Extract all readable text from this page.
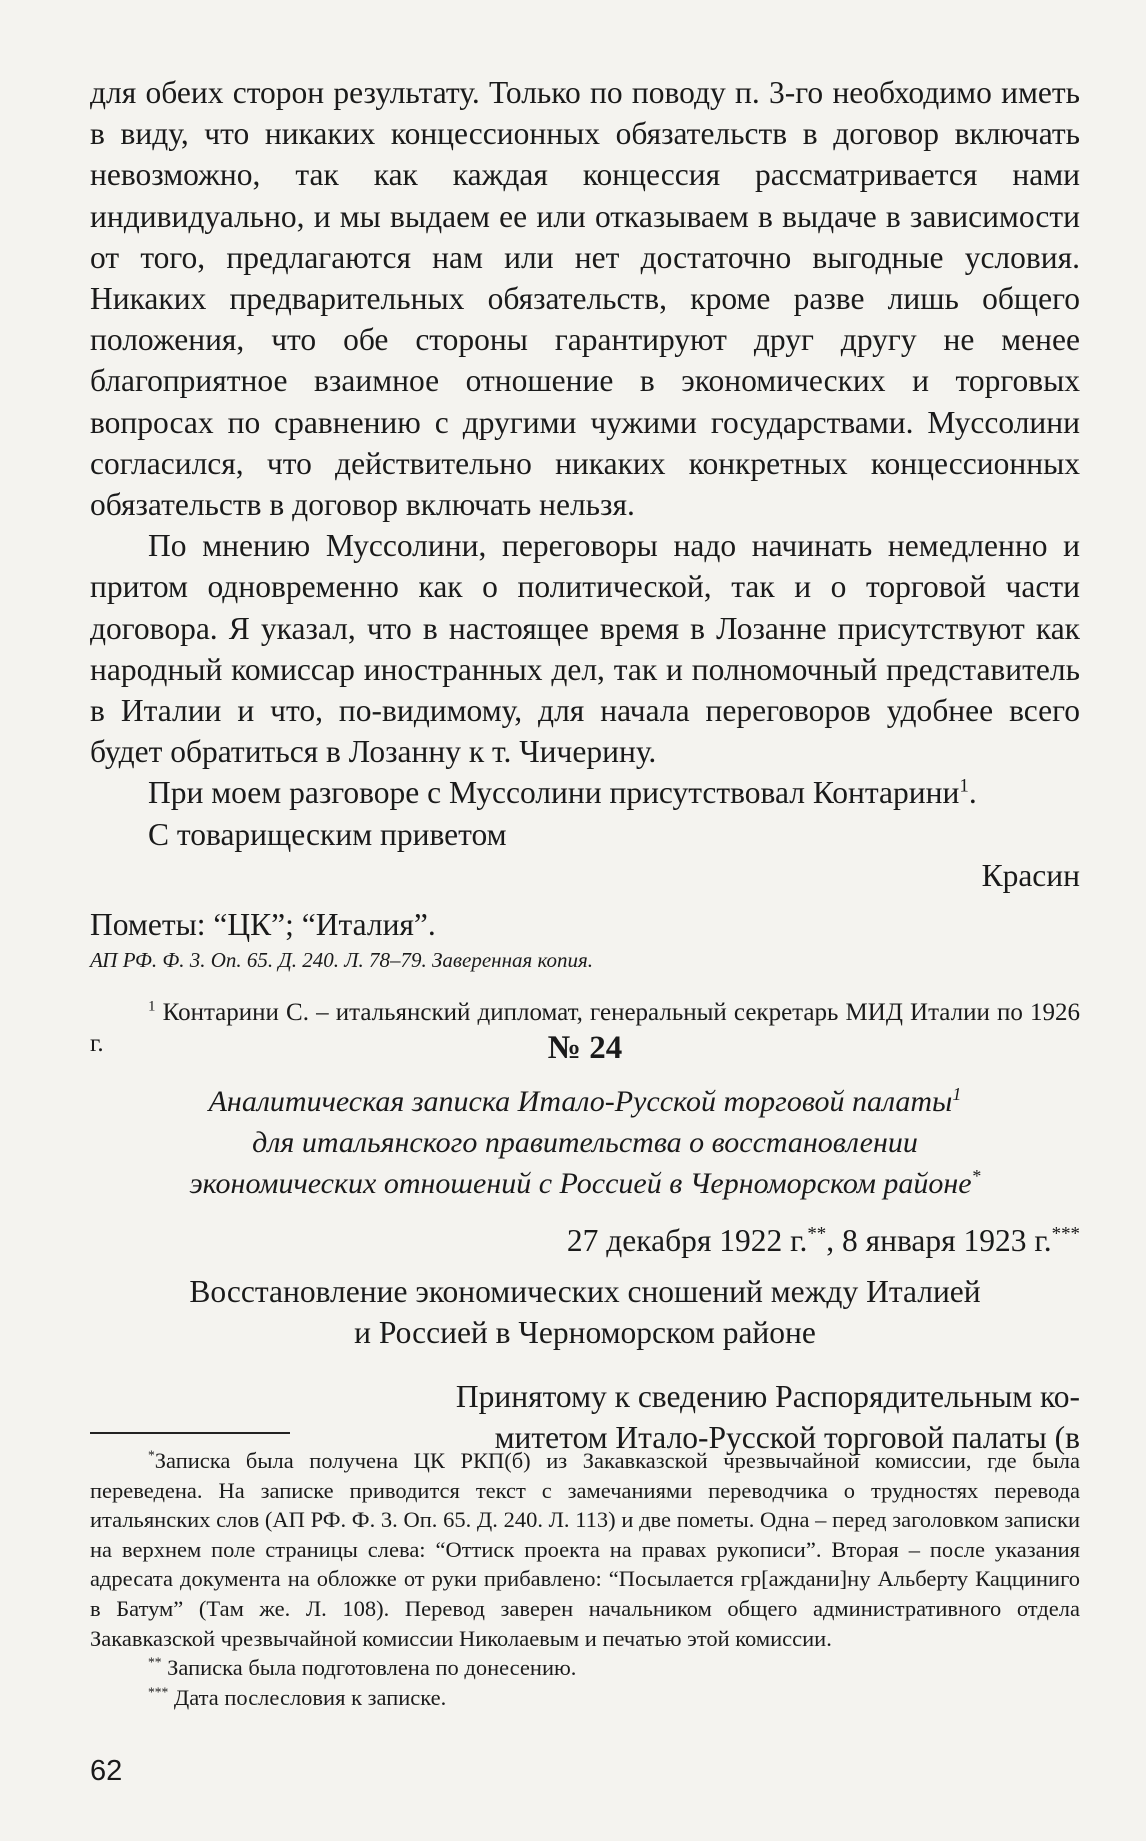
для обеих сторон результату. Только по поводу п. 3-го необходимо иметь в виду, что никаких концессионных обязательств в договор включать невозможно, так как каждая концессия рассматривается нами индивидуально, и мы выдаем ее или отказываем в выдаче в зависимости от того, предлагаются нам или нет достаточно выгодные условия. Никаких предварительных обязательств, кроме разве лишь общего положения, что обе стороны гарантируют друг другу не менее благоприятное взаимное отношение в экономических и торговых вопросах по сравнению с другими чужими государствами. Муссолини согласился, что действительно никаких конкретных концессионных обязательств в договор включать нельзя.

По мнению Муссолини, переговоры надо начинать немедленно и притом одновременно как о политической, так и о торговой части договора. Я указал, что в настоящее время в Лозанне присутствуют как народный комиссар иностранных дел, так и полномочный представитель в Италии и что, по-видимому, для начала переговоров удобнее всего будет обратиться в Лозанну к т. Чичерину.

При моем разговоре с Муссолини присутствовал Контарини$^1$.

С товарищеским приветом

Красин

Пометы: “ЦК”; “Италия”.

АП РФ. Ф. 3. Оп. 65. Д. 240. Л. 78–79. Заверенная копия.

$^1$ Контарини С. – итальянский дипломат, генеральный секретарь МИД Италии по 1926 г.	№ 24

Аналитическая записка Итало-Русской торговой палаты$^1$
для итальянского правительства о восстановлении
экономических отношений с Россией в Черноморском районе*

27 декабря 1922 г.**, 8 января 1923 г.***

Восстановление экономических сношений между Италией
и Россией в Черноморском районе

Принятому к сведению Распорядительным ко-
митетом Итало-Русской торговой палаты (в

*Записка была получена ЦК РКП(б) из Закавказской чрезвычайной комиссии, где была переведена. На записке приводится текст с замечаниями переводчика о трудностях перевода итальянских слов (АП РФ. Ф. 3. Оп. 65. Д. 240. Л. 113) и две пометы. Одна – перед заголовком записки на верхнем поле страницы слева: “Оттиск проекта на правах рукописи”. Вторая – после указания адресата документа на обложке от руки прибавлено: “Посылается гр[аждани]ну Альберту Кацциниго в Батум” (Там же. Л. 108). Перевод заверен начальником общего административного отдела Закавказской чрезвычайной комиссии Николаевым и печатью этой комиссии.

** Записка была подготовлена по донесению.

*** Дата послесловия к записке.

62
